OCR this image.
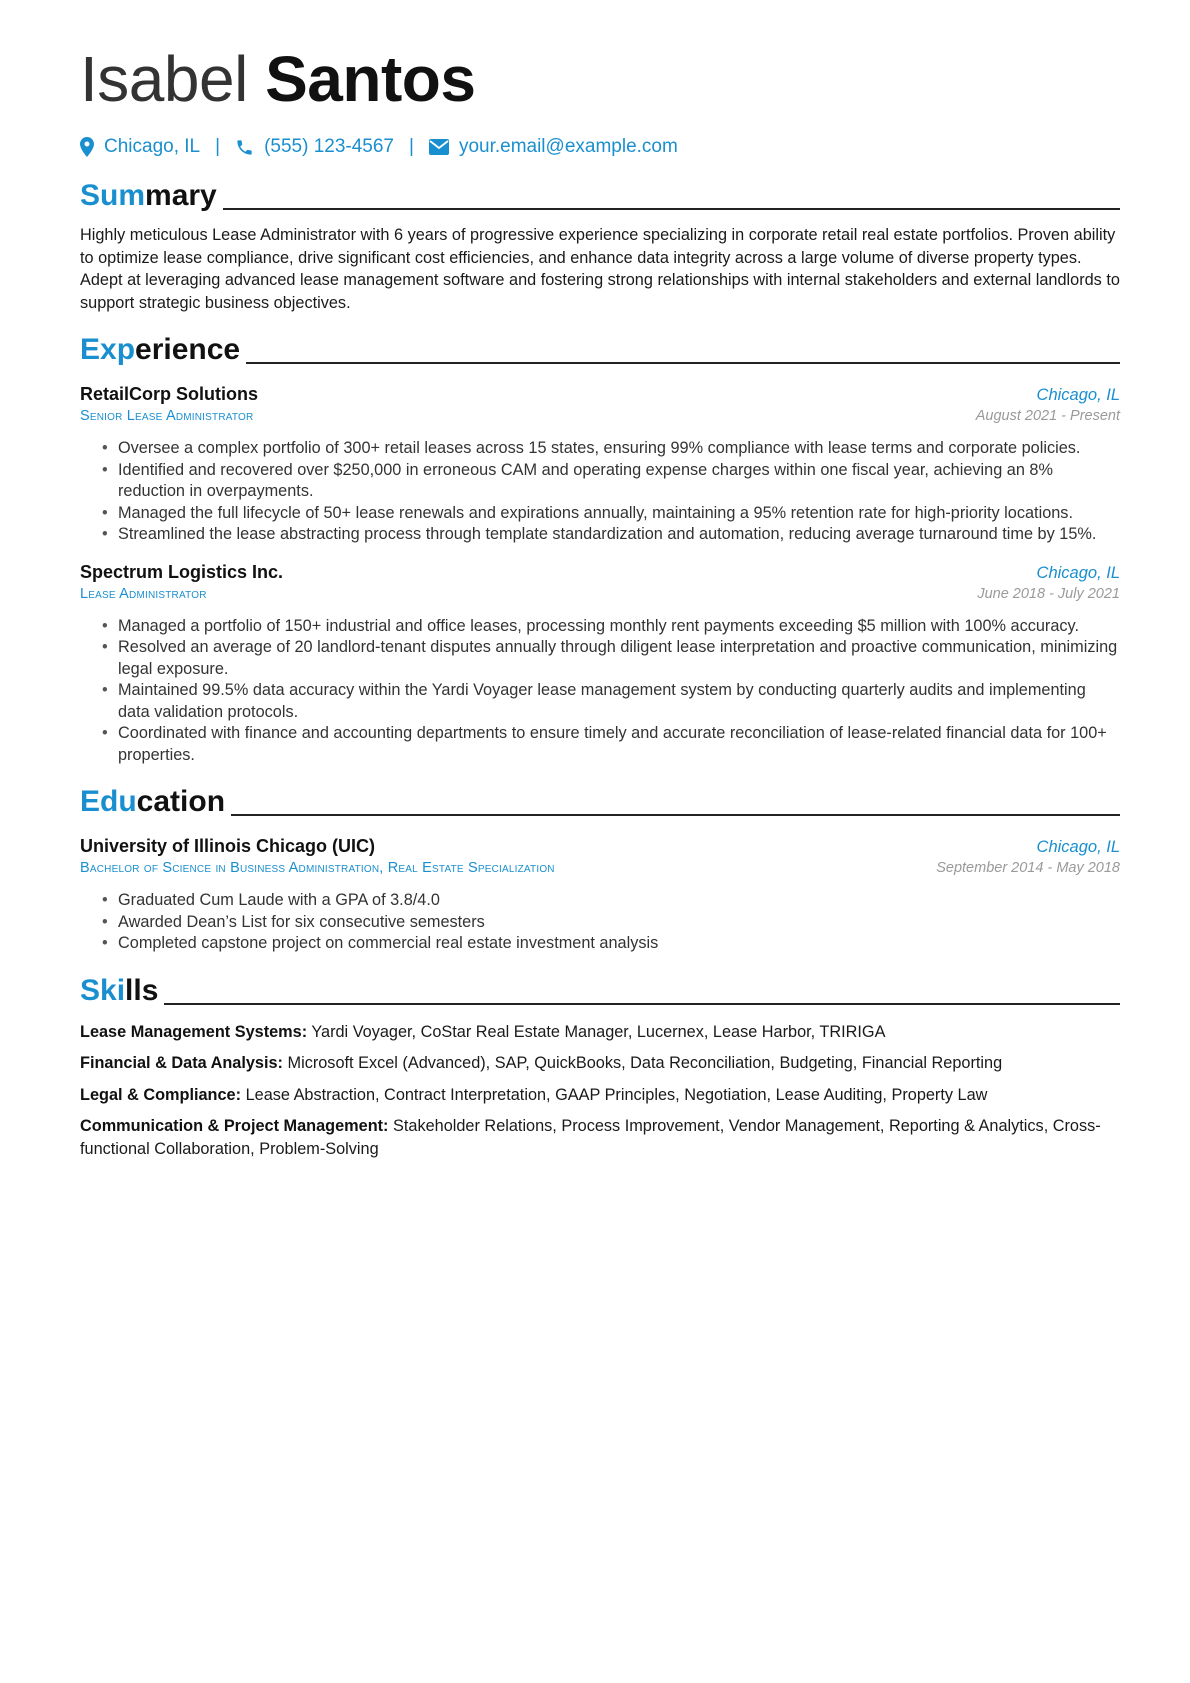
Isabel Santos
Chicago, IL | (555) 123-4567 | your.email@example.com
Summary
Highly meticulous Lease Administrator with 6 years of progressive experience specializing in corporate retail real estate portfolios. Proven ability to optimize lease compliance, drive significant cost efficiencies, and enhance data integrity across a large volume of diverse property types. Adept at leveraging advanced lease management software and fostering strong relationships with internal stakeholders and external landlords to support strategic business objectives.
Experience
RetailCorp Solutions	Chicago, IL
Senior Lease Administrator	August 2021 - Present
• Oversee a complex portfolio of 300+ retail leases across 15 states, ensuring 99% compliance with lease terms and corporate policies.
• Identified and recovered over $250,000 in erroneous CAM and operating expense charges within one fiscal year, achieving an 8% reduction in overpayments.
• Managed the full lifecycle of 50+ lease renewals and expirations annually, maintaining a 95% retention rate for high-priority locations.
• Streamlined the lease abstracting process through template standardization and automation, reducing average turnaround time by 15%.
Spectrum Logistics Inc.	Chicago, IL
Lease Administrator	June 2018 - July 2021
• Managed a portfolio of 150+ industrial and office leases, processing monthly rent payments exceeding $5 million with 100% accuracy.
• Resolved an average of 20 landlord-tenant disputes annually through diligent lease interpretation and proactive communication, minimizing legal exposure.
• Maintained 99.5% data accuracy within the Yardi Voyager lease management system by conducting quarterly audits and implementing data validation protocols.
• Coordinated with finance and accounting departments to ensure timely and accurate reconciliation of lease-related financial data for 100+ properties.
Education
University of Illinois Chicago (UIC)	Chicago, IL
Bachelor of Science in Business Administration, Real Estate Specialization	September 2014 - May 2018
• Graduated Cum Laude with a GPA of 3.8/4.0
• Awarded Dean’s List for six consecutive semesters
• Completed capstone project on commercial real estate investment analysis
Skills
Lease Management Systems: Yardi Voyager, CoStar Real Estate Manager, Lucernex, Lease Harbor, TRIRIGA
Financial & Data Analysis: Microsoft Excel (Advanced), SAP, QuickBooks, Data Reconciliation, Budgeting, Financial Reporting
Legal & Compliance: Lease Abstraction, Contract Interpretation, GAAP Principles, Negotiation, Lease Auditing, Property Law
Communication & Project Management: Stakeholder Relations, Process Improvement, Vendor Management, Reporting & Analytics, Cross-functional Collaboration, Problem-Solving
